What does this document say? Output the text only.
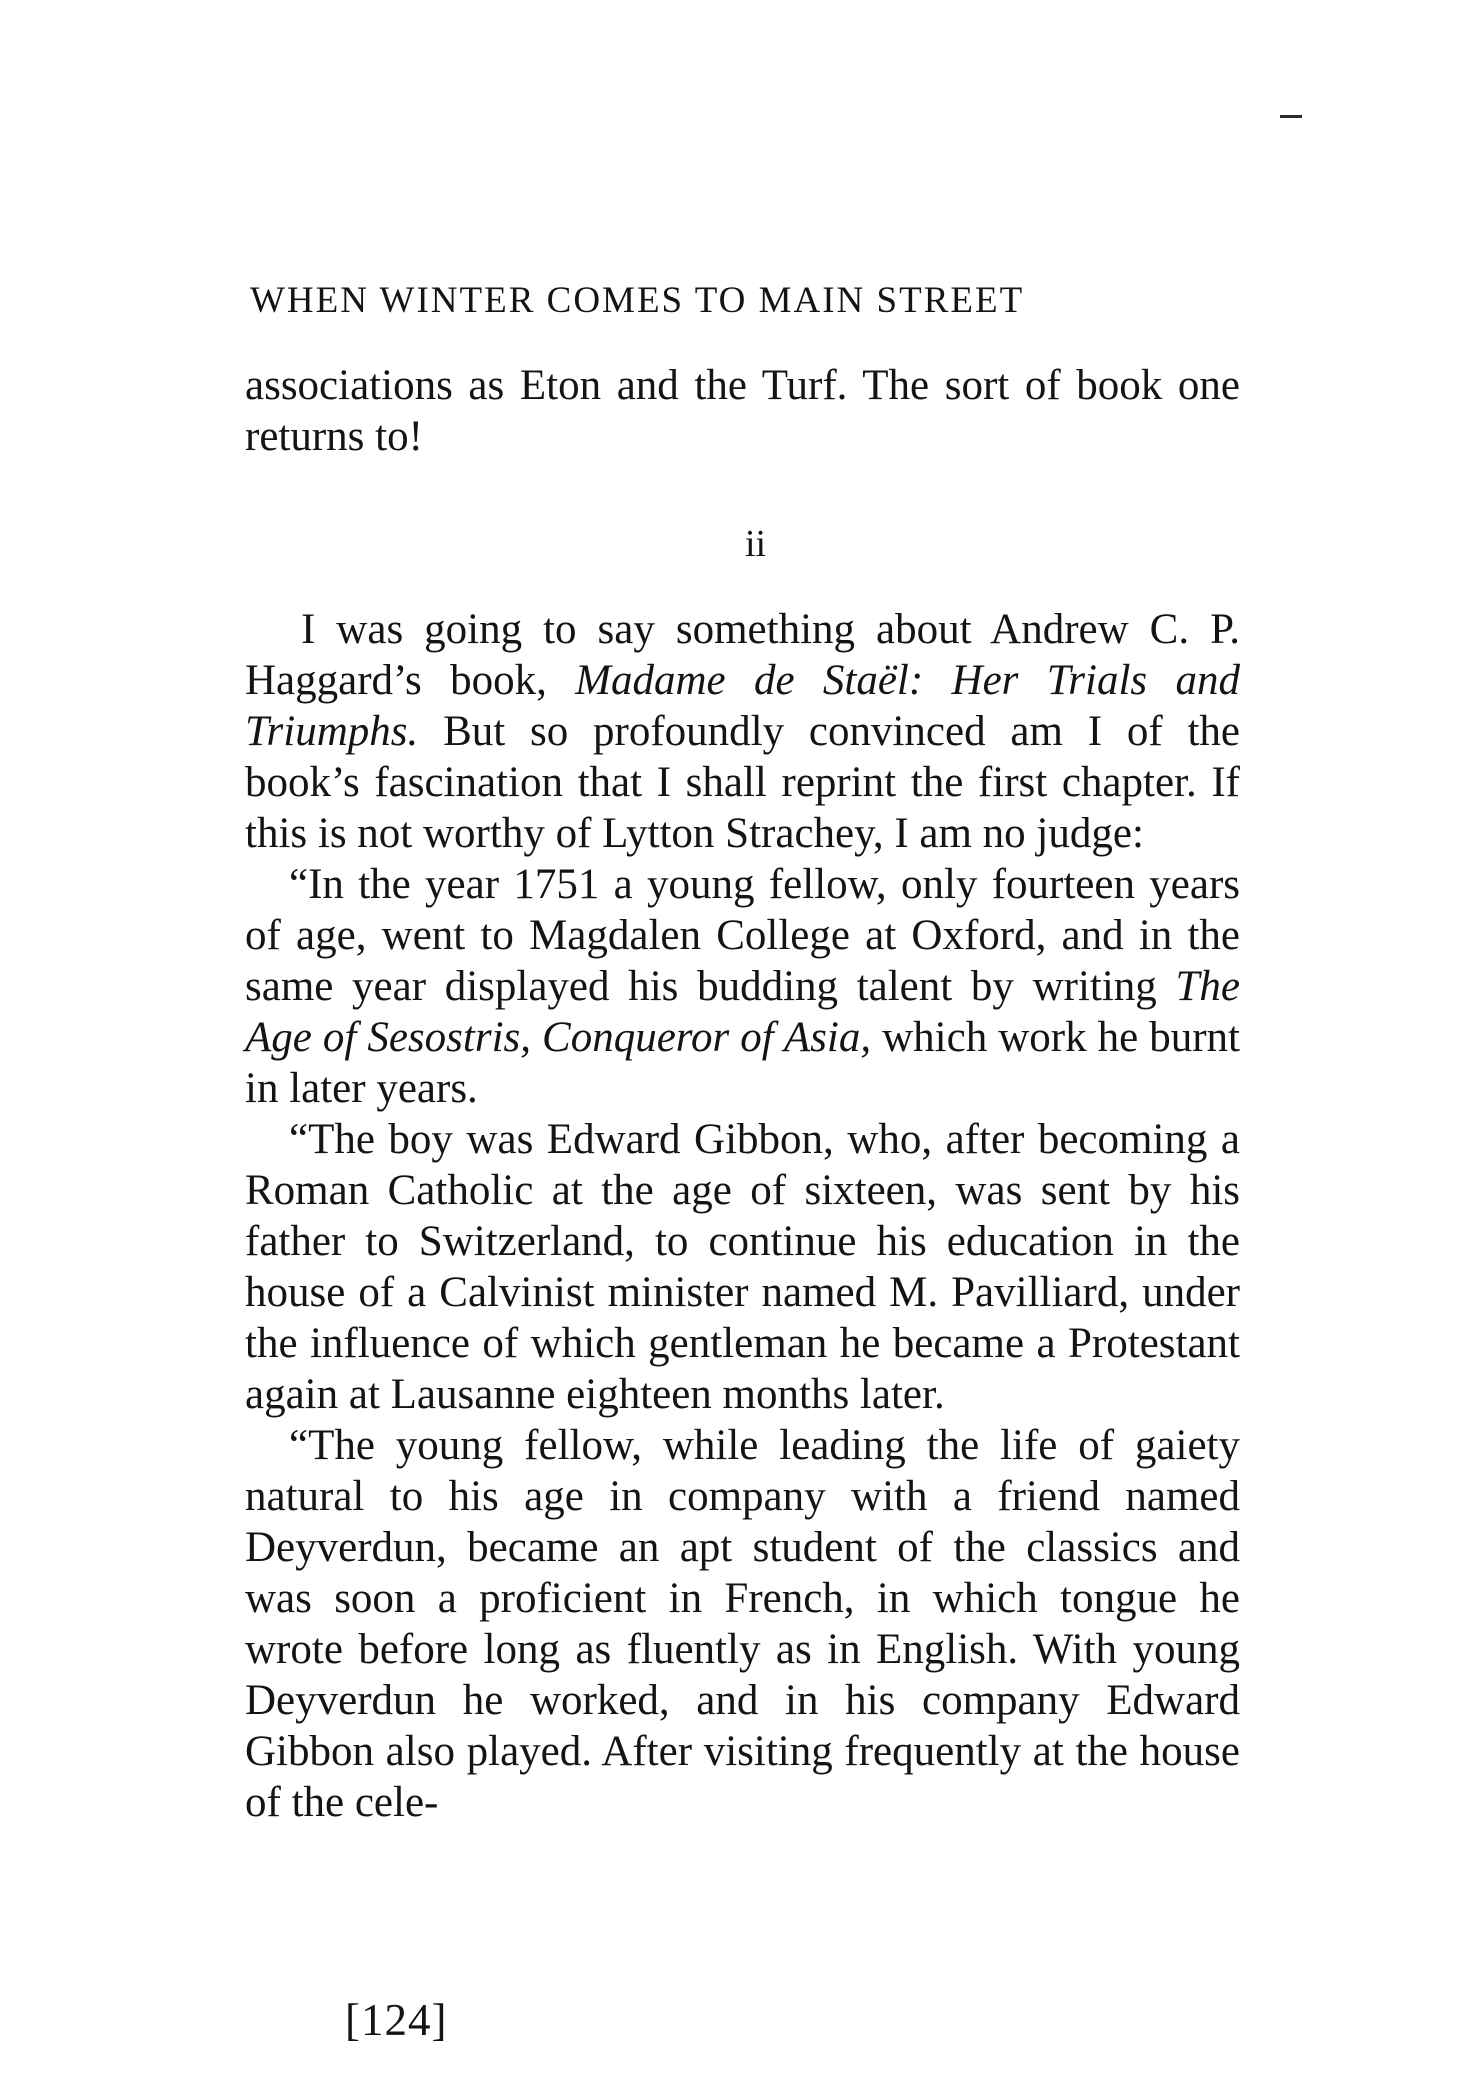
WHEN WINTER COMES TO MAIN STREET

associations as Eton and the Turf. The sort of book one returns to!

ii

I was going to say something about Andrew C. P. Haggard’s book, Madame de Staël: Her Trials and Triumphs. But so profoundly convinced am I of the book’s fascination that I shall reprint the first chapter. If this is not worthy of Lytton Strachey, I am no judge:

“In the year 1751 a young fellow, only fourteen years of age, went to Magdalen College at Oxford, and in the same year displayed his budding talent by writing The Age of Sesostris, Conqueror of Asia, which work he burnt in later years.

“The boy was Edward Gibbon, who, after becoming a Roman Catholic at the age of sixteen, was sent by his father to Switzerland, to continue his education in the house of a Calvinist minister named M. Pavilliard, under the influence of which gentleman he became a Protestant again at Lausanne eighteen months later.

“The young fellow, while leading the life of gaiety natural to his age in company with a friend named Deyverdun, became an apt student of the classics and was soon a proficient in French, in which tongue he wrote before long as fluently as in English. With young Deyverdun he worked, and in his company Edward Gibbon also played. After visiting frequently at the house of the cele-

[124]
